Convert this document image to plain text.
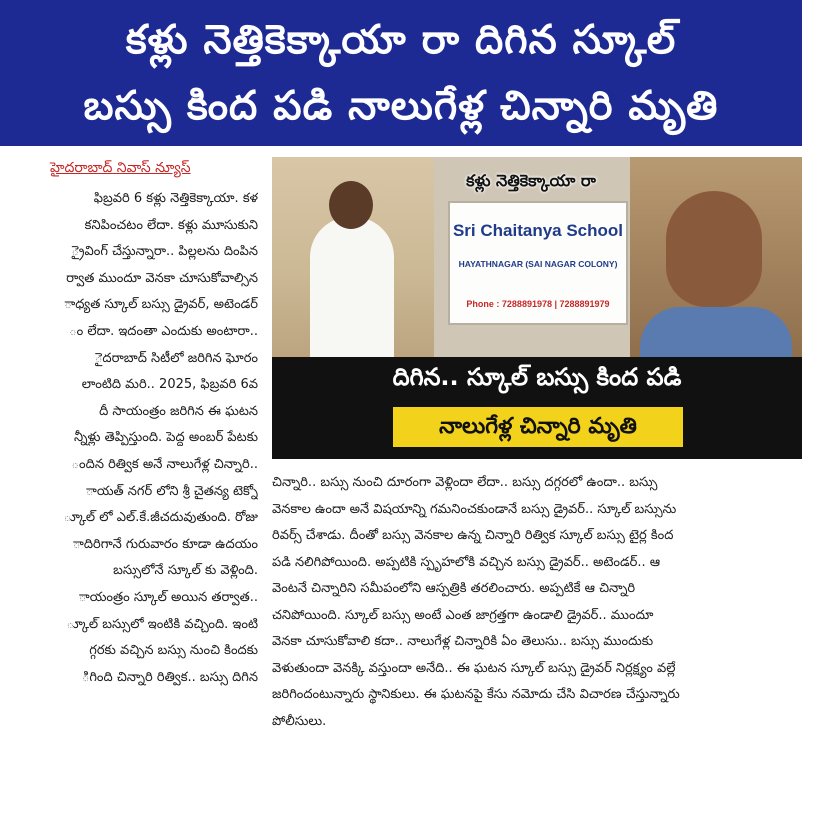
కళ్లు నెత్తికెక్కాయా రా దిగిన స్కూల్
బస్సు కింద పడి నాలుగేళ్ల చిన్నారి మృతి
హైదరాబాద్ నివాస్ న్యూస్
ఫిబ్రవరి 6 కళ్లు నెత్తికెక్కాయా. కళ
కనిపించటం లేదా. కళ్లు మూసుకుని
్రైవింగ్ చేస్తున్నారా.. పిల్లలను దింపిన
ర్వాత ముందూ వెనకా చూసుకోవాల్సిన
ాధ్యత స్కూల్ బస్సు డ్రైవర్, అటెండర్
ం లేదా. ఇదంతా ఎందుకు అంటారా..
ైదరాబాద్ సిటీలో జరిగిన ఘోరం
లాంటిది మరి.. 2025, ఫిబ్రవరి 6వ
దీ సాయంత్రం జరిగిన ఈ ఘటన
న్నీళ్లు తెప్పిస్తుంది. పెద్ద అంబర్ పేటకు
ందిన రిత్విక అనే నాలుగేళ్ల చిన్నారి..
ాయత్ నగర్ లోని శ్రీ చైతన్య టెక్నో
్కూల్ లో ఎల్.కే.జీచదువుతుంది. రోజు
ాదిరిగానే గురువారం కూడా ఉదయం
బస్సులోనే స్కూల్ కు వెళ్లింది.
ాయంత్రం స్కూల్ అయిన తర్వాత..
్కూల్ బస్సులో ఇంటికి వచ్చింది. ఇంటి
గ్గరకు వచ్చిన బస్సు నుంచి కిందకు
ిగింది చిన్నారి రిత్విక.. బస్సు దిగిన
Sri Chaitanya School
HAYATHNAGAR (SAI NAGAR COLONY)
Phone : 7288891978 | 7288891979
కళ్లు నెత్తికెక్కాయా రా
దిగిన.. స్కూల్ బస్సు కింద పడి
నాలుగేళ్ల చిన్నారి మృతి
చిన్నారి.. బస్సు నుంచి దూరంగా వెళ్లిందా లేదా.. బస్సు దగ్గరలో ఉందా.. బస్సు
వెనకాల ఉందా అనే విషయాన్ని గమనించకుండానే బస్సు డ్రైవర్.. స్కూల్ బస్సును
రివర్స్ చేశాడు. దీంతో బస్సు వెనకాల ఉన్న చిన్నారి రిత్విక స్కూల్ బస్సు టైర్ల కింద
పడి నలిగిపోయింది. అప్పటికి స్పృహలోకి వచ్చిన బస్సు డ్రైవర్.. అటెండర్.. ఆ
వెంటనే చిన్నారిని సమీపంలోని ఆస్పత్రికి తరలించారు. అప్పటికే ఆ చిన్నారి
చనిపోయింది. స్కూల్ బస్సు అంటే ఎంత జాగ్రత్తగా ఉండాలి డ్రైవర్.. ముందూ
వెనకా చూసుకోవాలి కదా.. నాలుగేళ్ల చిన్నారికి ఏం తెలుసు.. బస్సు ముందుకు
వెళుతుందా వెనక్కి వస్తుందా అనేది.. ఈ ఘటన స్కూల్ బస్సు డ్రైవర్ నిర్లక్ష్యం వల్లే
జరిగిందంటున్నారు స్థానికులు. ఈ ఘటనపై కేసు నమోదు చేసి విచారణ చేస్తున్నారు
పోలీసులు.
